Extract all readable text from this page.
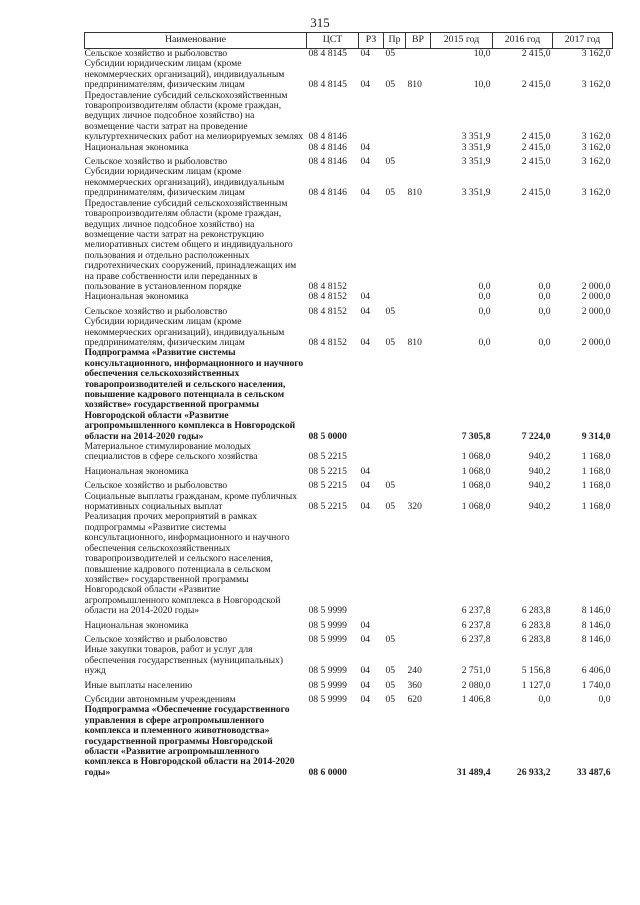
315
Наименование	ЦСТ	РЗ	Пр	ВР	2015 год	2016 год	2017 год
Сельское хозяйство и рыболовство	08 4 8145	04	05		10,0	2 415,0	3 162,0
Субсидии юридическим лицам (кроме некоммерческих организаций), индивидуальным предпринимателям, физическим лицам	08 4 8145	04	05	810	10,0	2 415,0	3 162,0
Предоставление субсидий сельскохозяйственным товаропроизводителям области (кроме граждан, ведущих личное подсобное хозяйство) на возмещение части затрат на проведение культуртехнических работ на мелиорируемых землях	08 4 8146				3 351,9	2 415,0	3 162,0
Национальная экономика	08 4 8146	04			3 351,9	2 415,0	3 162,0
Сельское хозяйство и рыболовство	08 4 8146	04	05		3 351,9	2 415,0	3 162,0
Субсидии юридическим лицам (кроме некоммерческих организаций), индивидуальным предпринимателям, физическим лицам	08 4 8146	04	05	810	3 351,9	2 415,0	3 162,0
Предоставление субсидий сельскохозяйственным товаропроизводителям области (кроме граждан, ведущих личное подсобное хозяйство) на возмещение части затрат на реконструкцию мелиоративных систем общего и индивидуального пользования и отдельно расположенных гидротехнических сооружений, принадлежащих им на праве собственности или переданных в пользование в установленном порядке	08 4 8152				0,0	0,0	2 000,0
Национальная экономика	08 4 8152	04			0,0	0,0	2 000,0
Сельское хозяйство и рыболовство	08 4 8152	04	05		0,0	0,0	2 000,0
Субсидии юридическим лицам (кроме некоммерческих организаций), индивидуальным предпринимателям, физическим лицам	08 4 8152	04	05	810	0,0	0,0	2 000,0
Подпрограмма «Развитие системы консультационного, информационного и научного обеспечения сельскохозяйственных товаропроизводителей и сельского населения, повышение кадрового потенциала в сельском хозяйстве» государственной программы Новгородской области «Развитие агропромышленного комплекса в Новгородской области на 2014-2020 годы»	08 5 0000				7 305,8	7 224,0	9 314,0
Материальное стимулирование молодых специалистов в сфере сельского хозяйства	08 5 2215				1 068,0	940,2	1 168,0
Национальная экономика	08 5 2215	04			1 068,0	940,2	1 168,0
Сельское хозяйство и рыболовство	08 5 2215	04	05		1 068,0	940,2	1 168,0
Социальные выплаты гражданам, кроме публичных нормативных социальных выплат	08 5 2215	04	05	320	1 068,0	940,2	1 168,0
Реализация прочих мероприятий в рамках подпрограммы «Развитие системы консультационного, информационного и научного обеспечения сельскохозяйственных товаропроизводителей и сельского населения, повышение кадрового потенциала в сельском хозяйстве» государственной программы Новгородской области «Развитие агропромышленного комплекса в Новгородской области на 2014-2020 годы»	08 5 9999				6 237,8	6 283,8	8 146,0
Национальная экономика	08 5 9999	04			6 237,8	6 283,8	8 146,0
Сельское хозяйство и рыболовство	08 5 9999	04	05		6 237,8	6 283,8	8 146,0
Иные закупки товаров, работ и услуг для обеспечения государственных (муниципальных) нужд	08 5 9999	04	05	240	2 751,0	5 156,8	6 406,0
Иные выплаты населению	08 5 9999	04	05	360	2 080,0	1 127,0	1 740,0
Субсидии автономным учреждениям	08 5 9999	04	05	620	1 406,8	0,0	0,0
Подпрограмма «Обеспечение государственного управления в сфере агропромышленного комплекса и племенного животноводства» государственной программы Новгородской области «Развитие агропромышленного комплекса в Новгородской области на 2014-2020 годы»	08 6 0000				31 489,4	26 933,2	33 487,6
